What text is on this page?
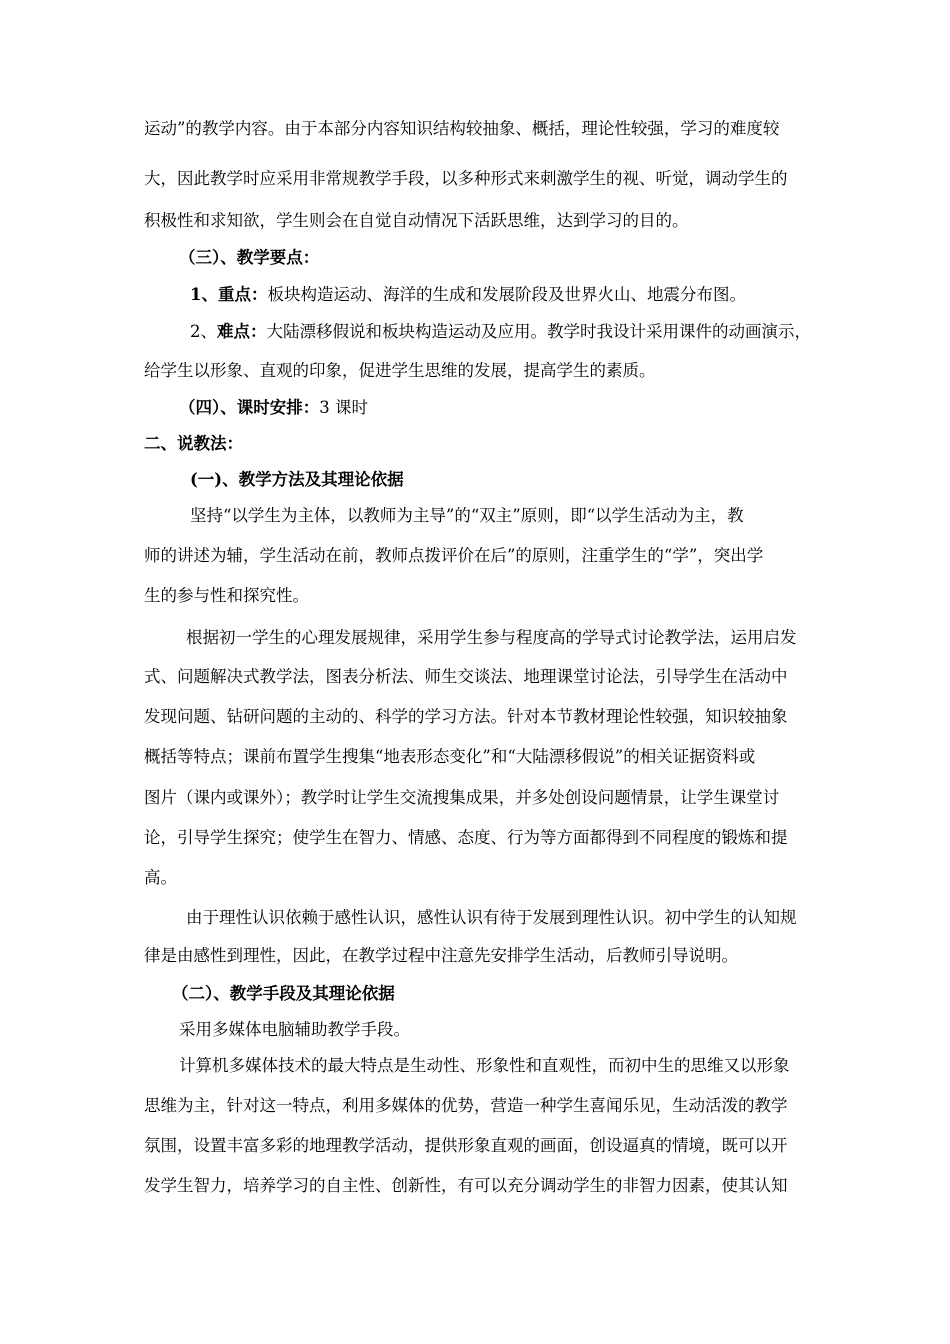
运动”的教学内容。由于本部分内容知识结构较抽象、概括，理论性较强，学习的难度较
大，因此教学时应采用非常规教学手段，以多种形式来刺激学生的视、听觉，调动学生的
积极性和求知欲，学生则会在自觉自动情况下活跃思维，达到学习的目的。
（三）、教学要点：
1、重点：板块构造运动、海洋的生成和发展阶段及世界火山、地震分布图。
2、难点：大陆漂移假说和板块构造运动及应用。教学时我设计采用课件的动画演示，
给学生以形象、直观的印象，促进学生思维的发展，提高学生的素质。
（四）、课时安排：3 课时
二、说教法：
(一)、教学方法及其理论依据
坚持“以学生为主体，以教师为主导”的“双主”原则，即“以学生活动为主，教
师的讲述为辅，学生活动在前，教师点拨评价在后”的原则，注重学生的“学”，突出学
生的参与性和探究性。
根据初一学生的心理发展规律，采用学生参与程度高的学导式讨论教学法，运用启发
式、问题解决式教学法，图表分析法、师生交谈法、地理课堂讨论法，引导学生在活动中
发现问题、钻研问题的主动的、科学的学习方法。针对本节教材理论性较强，知识较抽象
概括等特点；课前布置学生搜集“地表形态变化”和“大陆漂移假说”的相关证据资料或
图片（课内或课外）；教学时让学生交流搜集成果，并多处创设问题情景，让学生课堂讨
论，引导学生探究；使学生在智力、情感、态度、行为等方面都得到不同程度的锻炼和提
高。
由于理性认识依赖于感性认识，感性认识有待于发展到理性认识。初中学生的认知规
律是由感性到理性，因此，在教学过程中注意先安排学生活动，后教师引导说明。
（二）、教学手段及其理论依据
采用多媒体电脑辅助教学手段。
计算机多媒体技术的最大特点是生动性、形象性和直观性，而初中生的思维又以形象
思维为主，针对这一特点，利用多媒体的优势，营造一种学生喜闻乐见，生动活泼的教学
氛围，设置丰富多彩的地理教学活动，提供形象直观的画面，创设逼真的情境，既可以开
发学生智力，培养学习的自主性、创新性，有可以充分调动学生的非智力因素，使其认知
